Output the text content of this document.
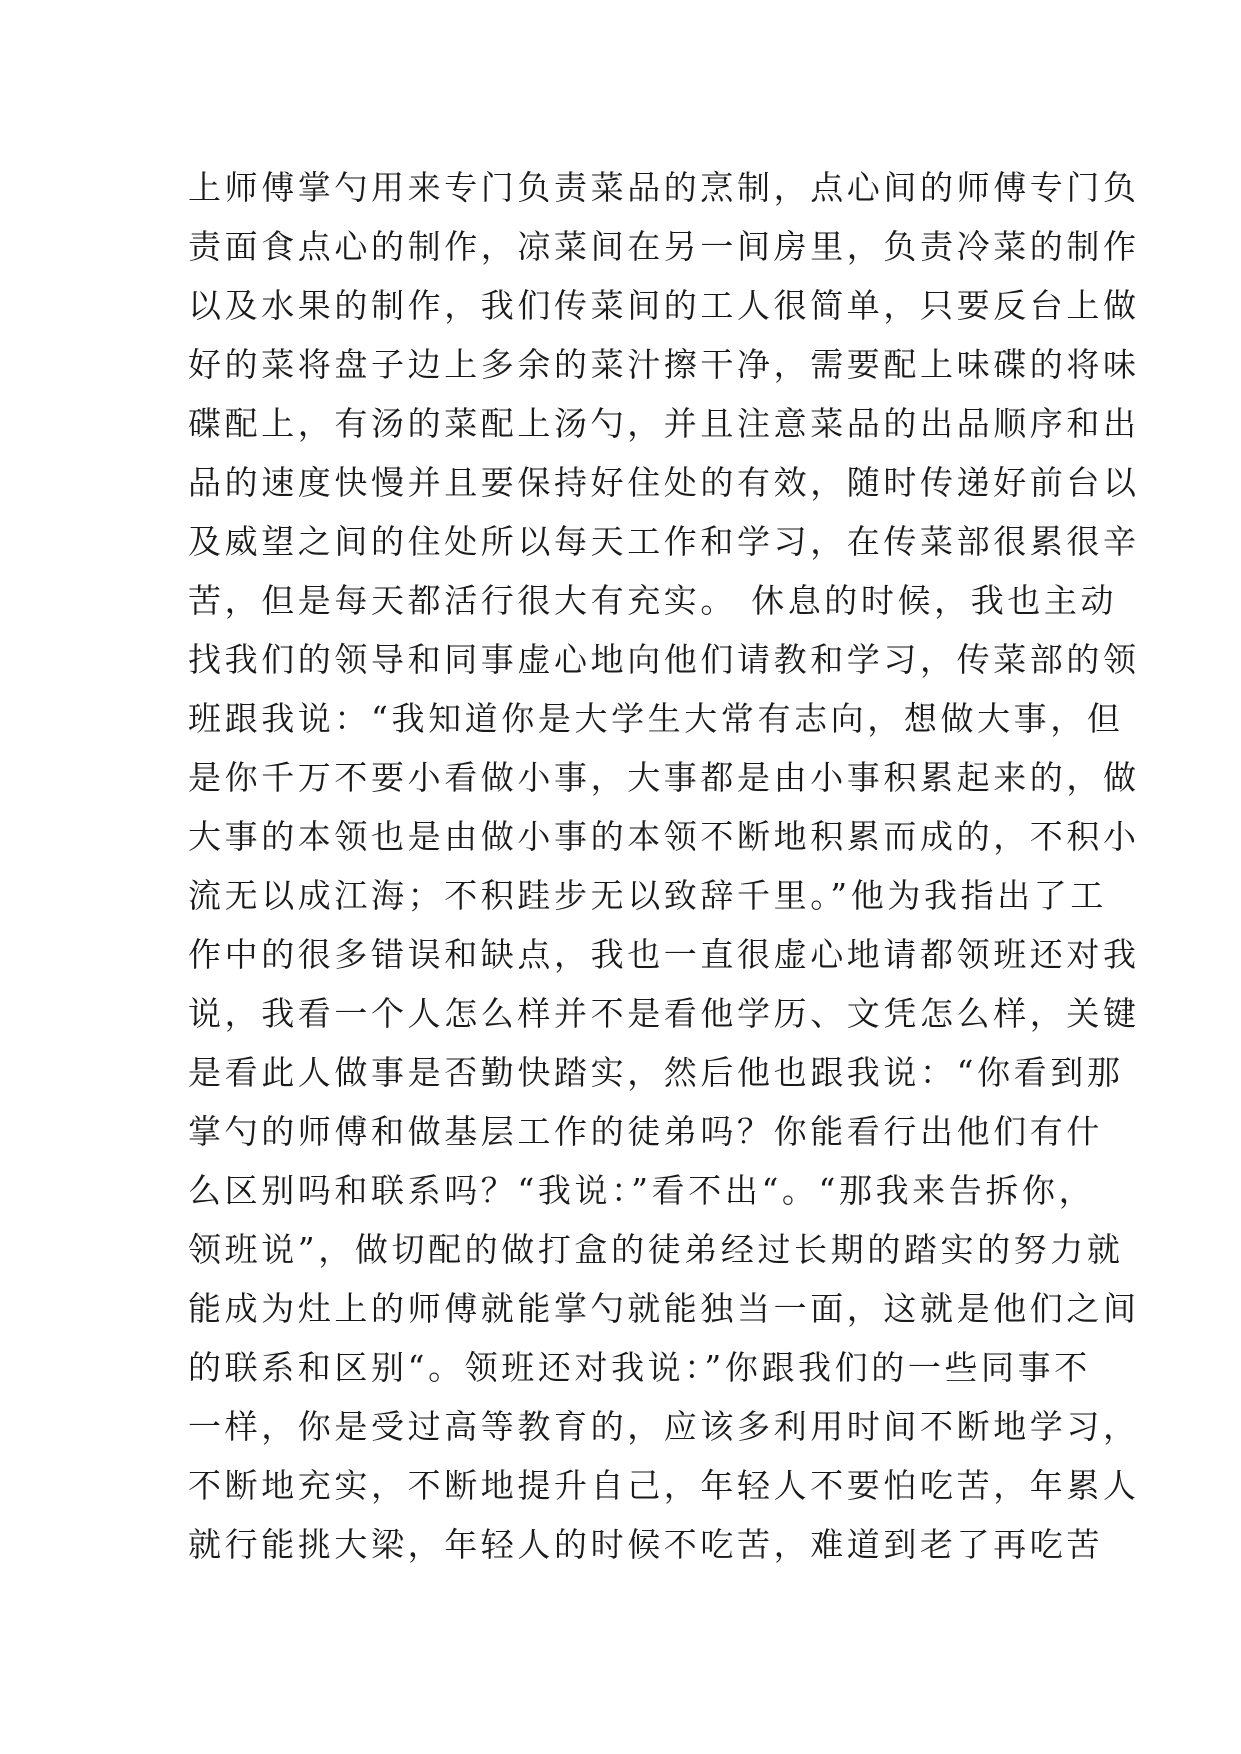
上师傅掌勺用来专门负责菜品的烹制，点心间的师傅专门负
责面食点心的制作，凉菜间在另一间房里，负责冷菜的制作
以及水果的制作，我们传菜间的工人很简单，只要反台上做
好的菜将盘子边上多余的菜汁擦干净，需要配上味碟的将味
碟配上，有汤的菜配上汤勺，并且注意菜品的出品顺序和出
品的速度快慢并且要保持好住处的有效，随时传递好前台以
及威望之间的住处所以每天工作和学习，在传菜部很累很辛
苦，但是每天都活行很大有充实。 休息的时候，我也主动
找我们的领导和同事虚心地向他们请教和学习，传菜部的领
班跟我说：“我知道你是大学生大常有志向，想做大事，但
是你千万不要小看做小事，大事都是由小事积累起来的，做
大事的本领也是由做小事的本领不断地积累而成的，不积小
流无以成江海；不积跬步无以致辞千里。”他为我指出了工
作中的很多错误和缺点，我也一直很虚心地请都领班还对我
说，我看一个人怎么样并不是看他学历、文凭怎么样，关键
是看此人做事是否勤快踏实，然后他也跟我说：“你看到那
掌勺的师傅和做基层工作的徒弟吗？你能看行出他们有什
么区别吗和联系吗？“我说：”看不出“。“那我来告拆你，
领班说”，做切配的做打盒的徒弟经过长期的踏实的努力就
能成为灶上的师傅就能掌勺就能独当一面，这就是他们之间
的联系和区别“。领班还对我说：”你跟我们的一些同事不
一样，你是受过高等教育的，应该多利用时间不断地学习，
不断地充实，不断地提升自己，年轻人不要怕吃苦，年累人
就行能挑大梁，年轻人的时候不吃苦，难道到老了再吃苦
